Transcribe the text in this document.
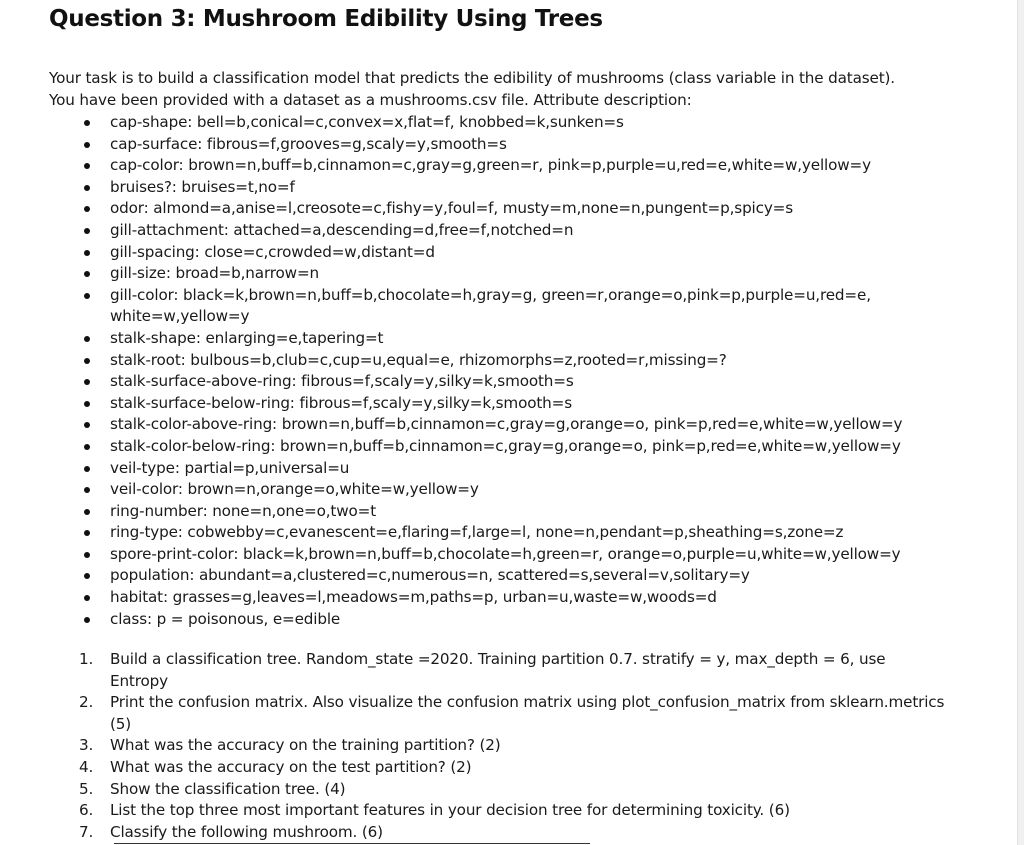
Question 3: Mushroom Edibility Using Trees

Your task is to build a classification model that predicts the edibility of mushrooms (class variable in the dataset).

You have been provided with a dataset as a mushrooms.csv file. Attribute description:

cap-shape: bell=b,conical=c,convex=x,flat=f, knobbed=k,sunken=s
cap-surface: fibrous=f,grooves=g,scaly=y,smooth=s
cap-color: brown=n,buff=b,cinnamon=c,gray=g,green=r, pink=p,purple=u,red=e,white=w,yellow=y
bruises?: bruises=t,no=f
odor: almond=a,anise=l,creosote=c,fishy=y,foul=f, musty=m,none=n,pungent=p,spicy=s
gill-attachment: attached=a,descending=d,free=f,notched=n
gill-spacing: close=c,crowded=w,distant=d
gill-size: broad=b,narrow=n
gill-color: black=k,brown=n,buff=b,chocolate=h,gray=g, green=r,orange=o,pink=p,purple=u,red=e, white=w,yellow=y
stalk-shape: enlarging=e,tapering=t
stalk-root: bulbous=b,club=c,cup=u,equal=e, rhizomorphs=z,rooted=r,missing=?
stalk-surface-above-ring: fibrous=f,scaly=y,silky=k,smooth=s
stalk-surface-below-ring: fibrous=f,scaly=y,silky=k,smooth=s
stalk-color-above-ring: brown=n,buff=b,cinnamon=c,gray=g,orange=o, pink=p,red=e,white=w,yellow=y
stalk-color-below-ring: brown=n,buff=b,cinnamon=c,gray=g,orange=o, pink=p,red=e,white=w,yellow=y
veil-type: partial=p,universal=u
veil-color: brown=n,orange=o,white=w,yellow=y
ring-number: none=n,one=o,two=t
ring-type: cobwebby=c,evanescent=e,flaring=f,large=l, none=n,pendant=p,sheathing=s,zone=z
spore-print-color: black=k,brown=n,buff=b,chocolate=h,green=r, orange=o,purple=u,white=w,yellow=y
population: abundant=a,clustered=c,numerous=n, scattered=s,several=v,solitary=y
habitat: grasses=g,leaves=l,meadows=m,paths=p, urban=u,waste=w,woods=d
class: p = poisonous, e=edible
1. Build a classification tree. Random_state =2020. Training partition 0.7. stratify = y, max_depth = 6, use Entropy
2. Print the confusion matrix. Also visualize the confusion matrix using plot_confusion_matrix from sklearn.metrics (5)
3. What was the accuracy on the training partition? (2)
4. What was the accuracy on the test partition? (2)
5. Show the classification tree. (4)
6. List the top three most important features in your decision tree for determining toxicity. (6)
7. Classify the following mushroom. (6)
